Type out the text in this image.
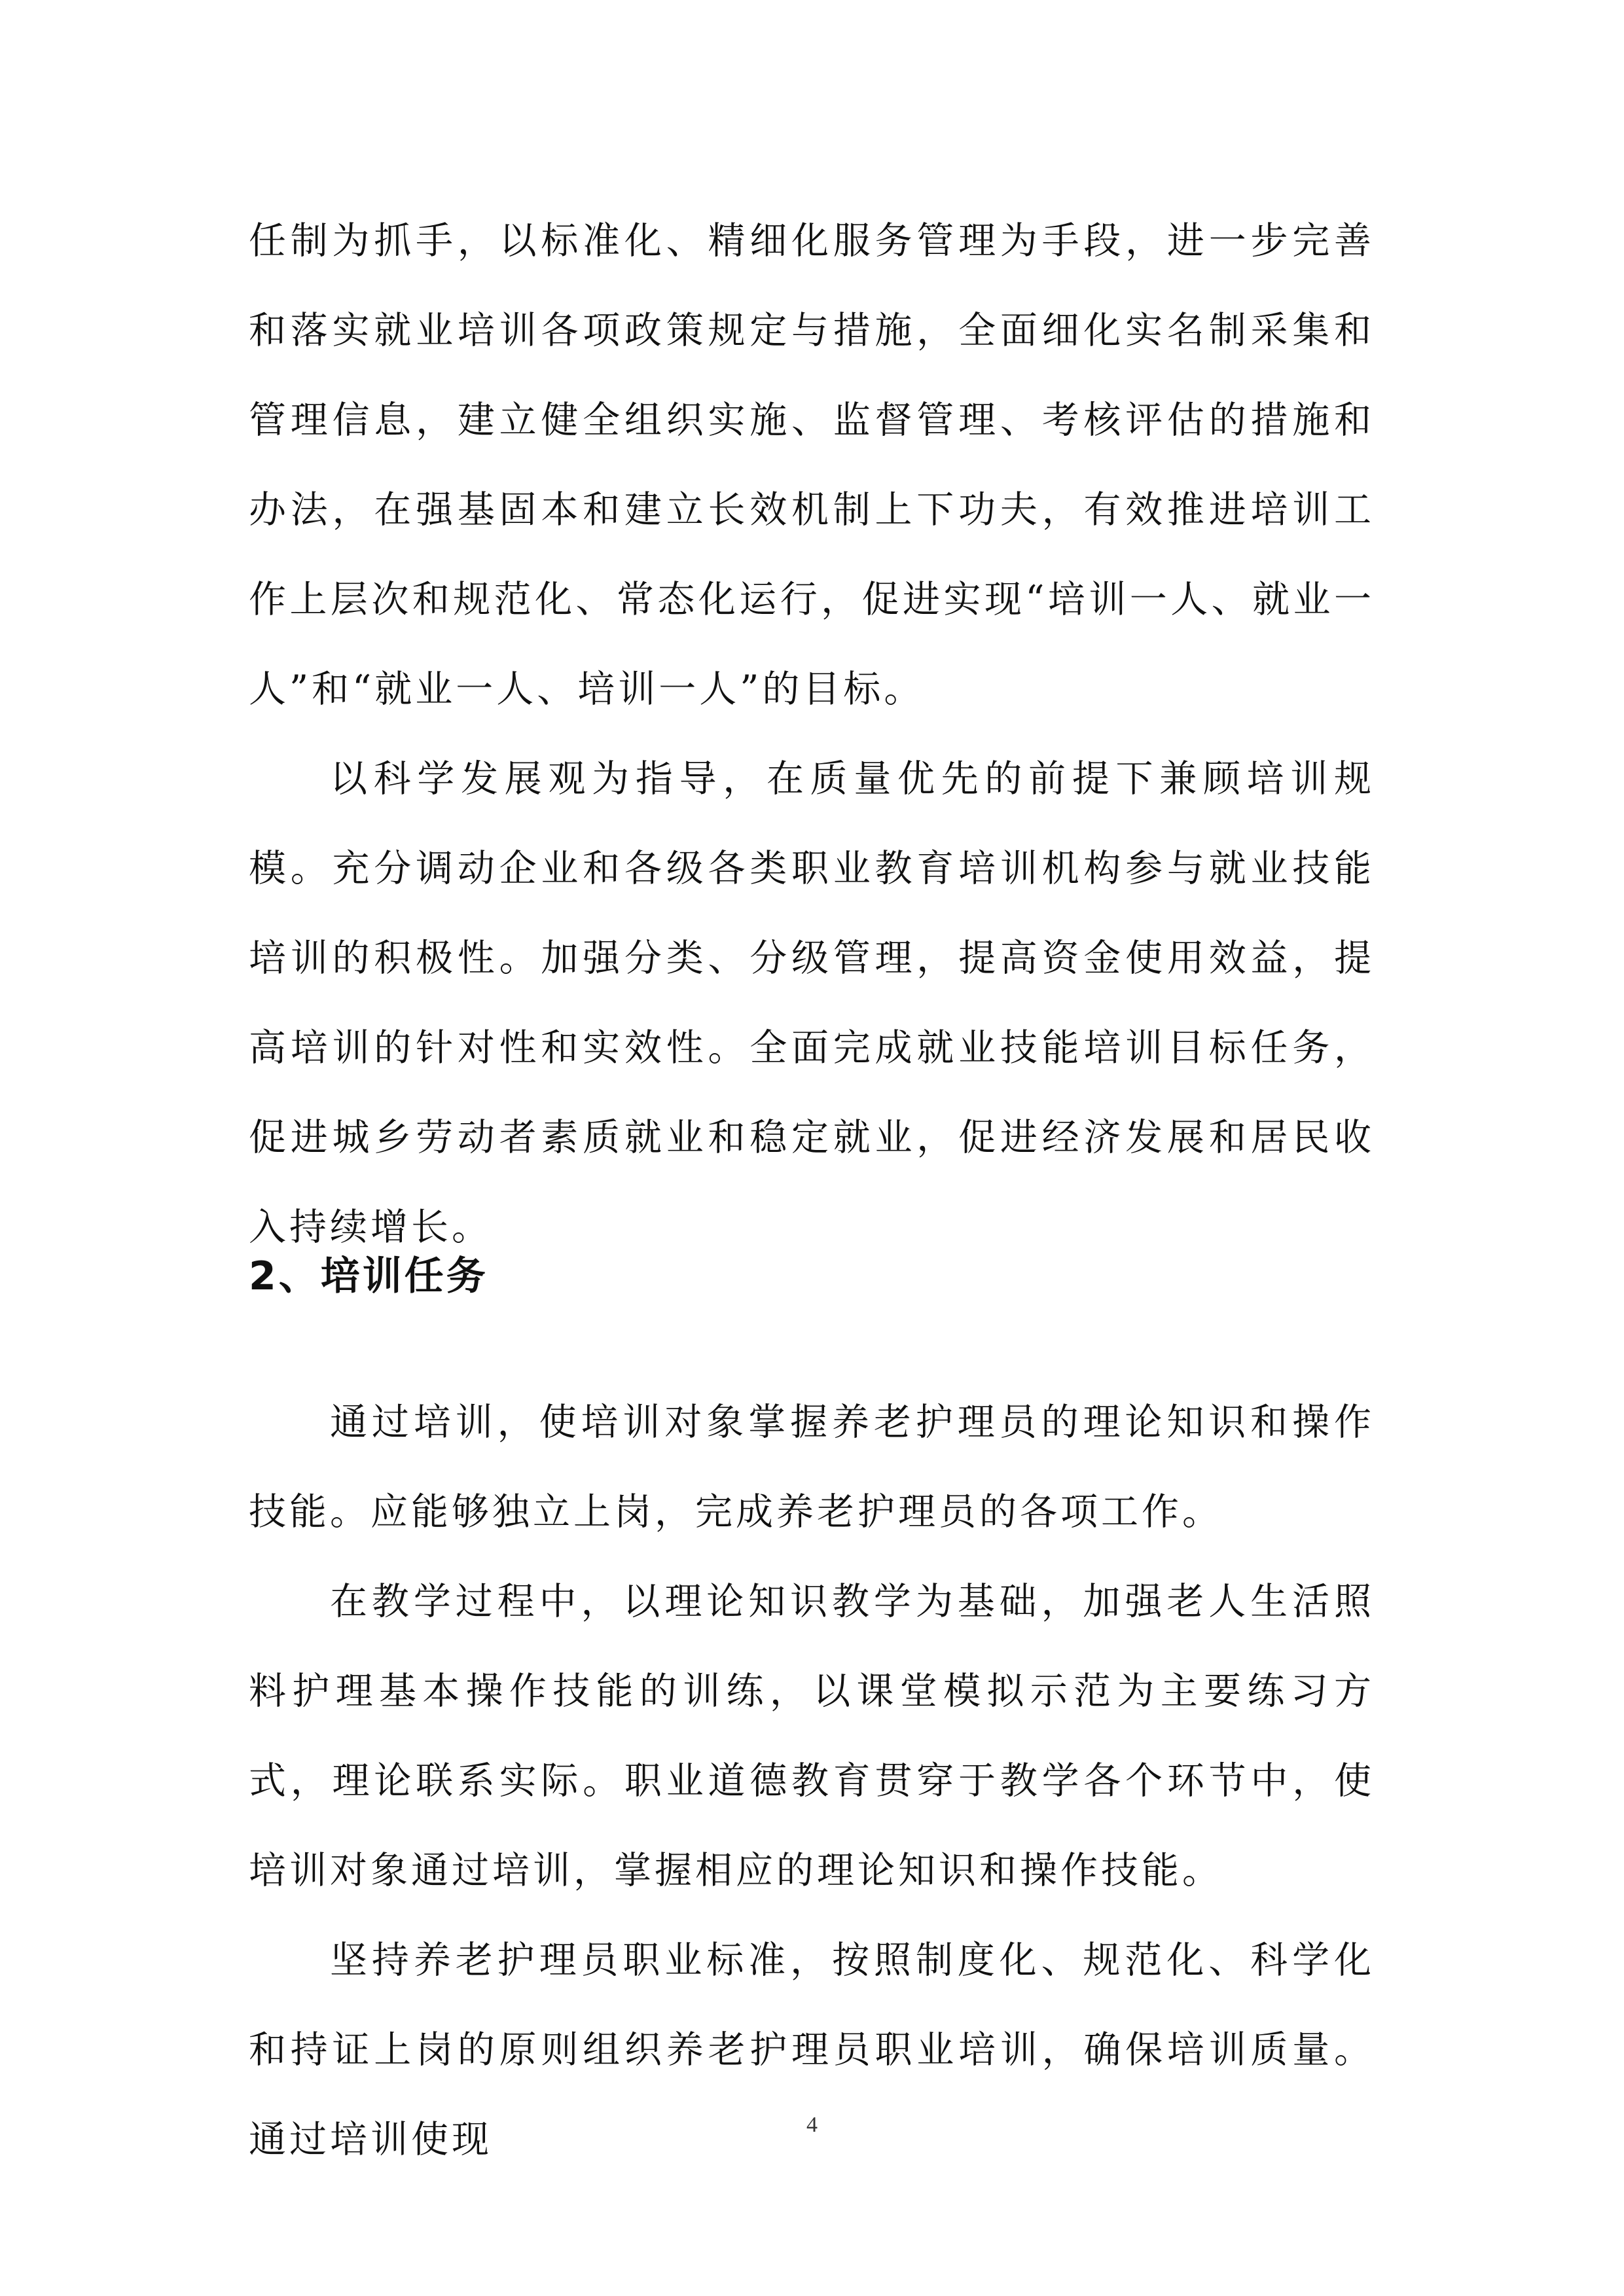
任制为抓手，以标准化、精细化服务管理为手段，进一步完善和落实就业培训各项政策规定与措施，全面细化实名制采集和管理信息，建立健全组织实施、监督管理、考核评估的措施和办法，在强基固本和建立长效机制上下功夫，有效推进培训工作上层次和规范化、常态化运行，促进实现“培训一人、就业一人”和“就业一人、培训一人”的目标。

以科学发展观为指导，在质量优先的前提下兼顾培训规模。充分调动企业和各级各类职业教育培训机构参与就业技能培训的积极性。加强分类、分级管理，提高资金使用效益，提高培训的针对性和实效性。全面完成就业技能培训目标任务，促进城乡劳动者素质就业和稳定就业，促进经济发展和居民收入持续增长。

2、培训任务

通过培训，使培训对象掌握养老护理员的理论知识和操作技能。应能够独立上岗，完成养老护理员的各项工作。

在教学过程中，以理论知识教学为基础，加强老人生活照料护理基本操作技能的训练，以课堂模拟示范为主要练习方式，理论联系实际。职业道德教育贯穿于教学各个环节中，使培训对象通过培训，掌握相应的理论知识和操作技能。

坚持养老护理员职业标准，按照制度化、规范化、科学化和持证上岗的原则组织养老护理员职业培训，确保培训质量。通过培训使现	4
